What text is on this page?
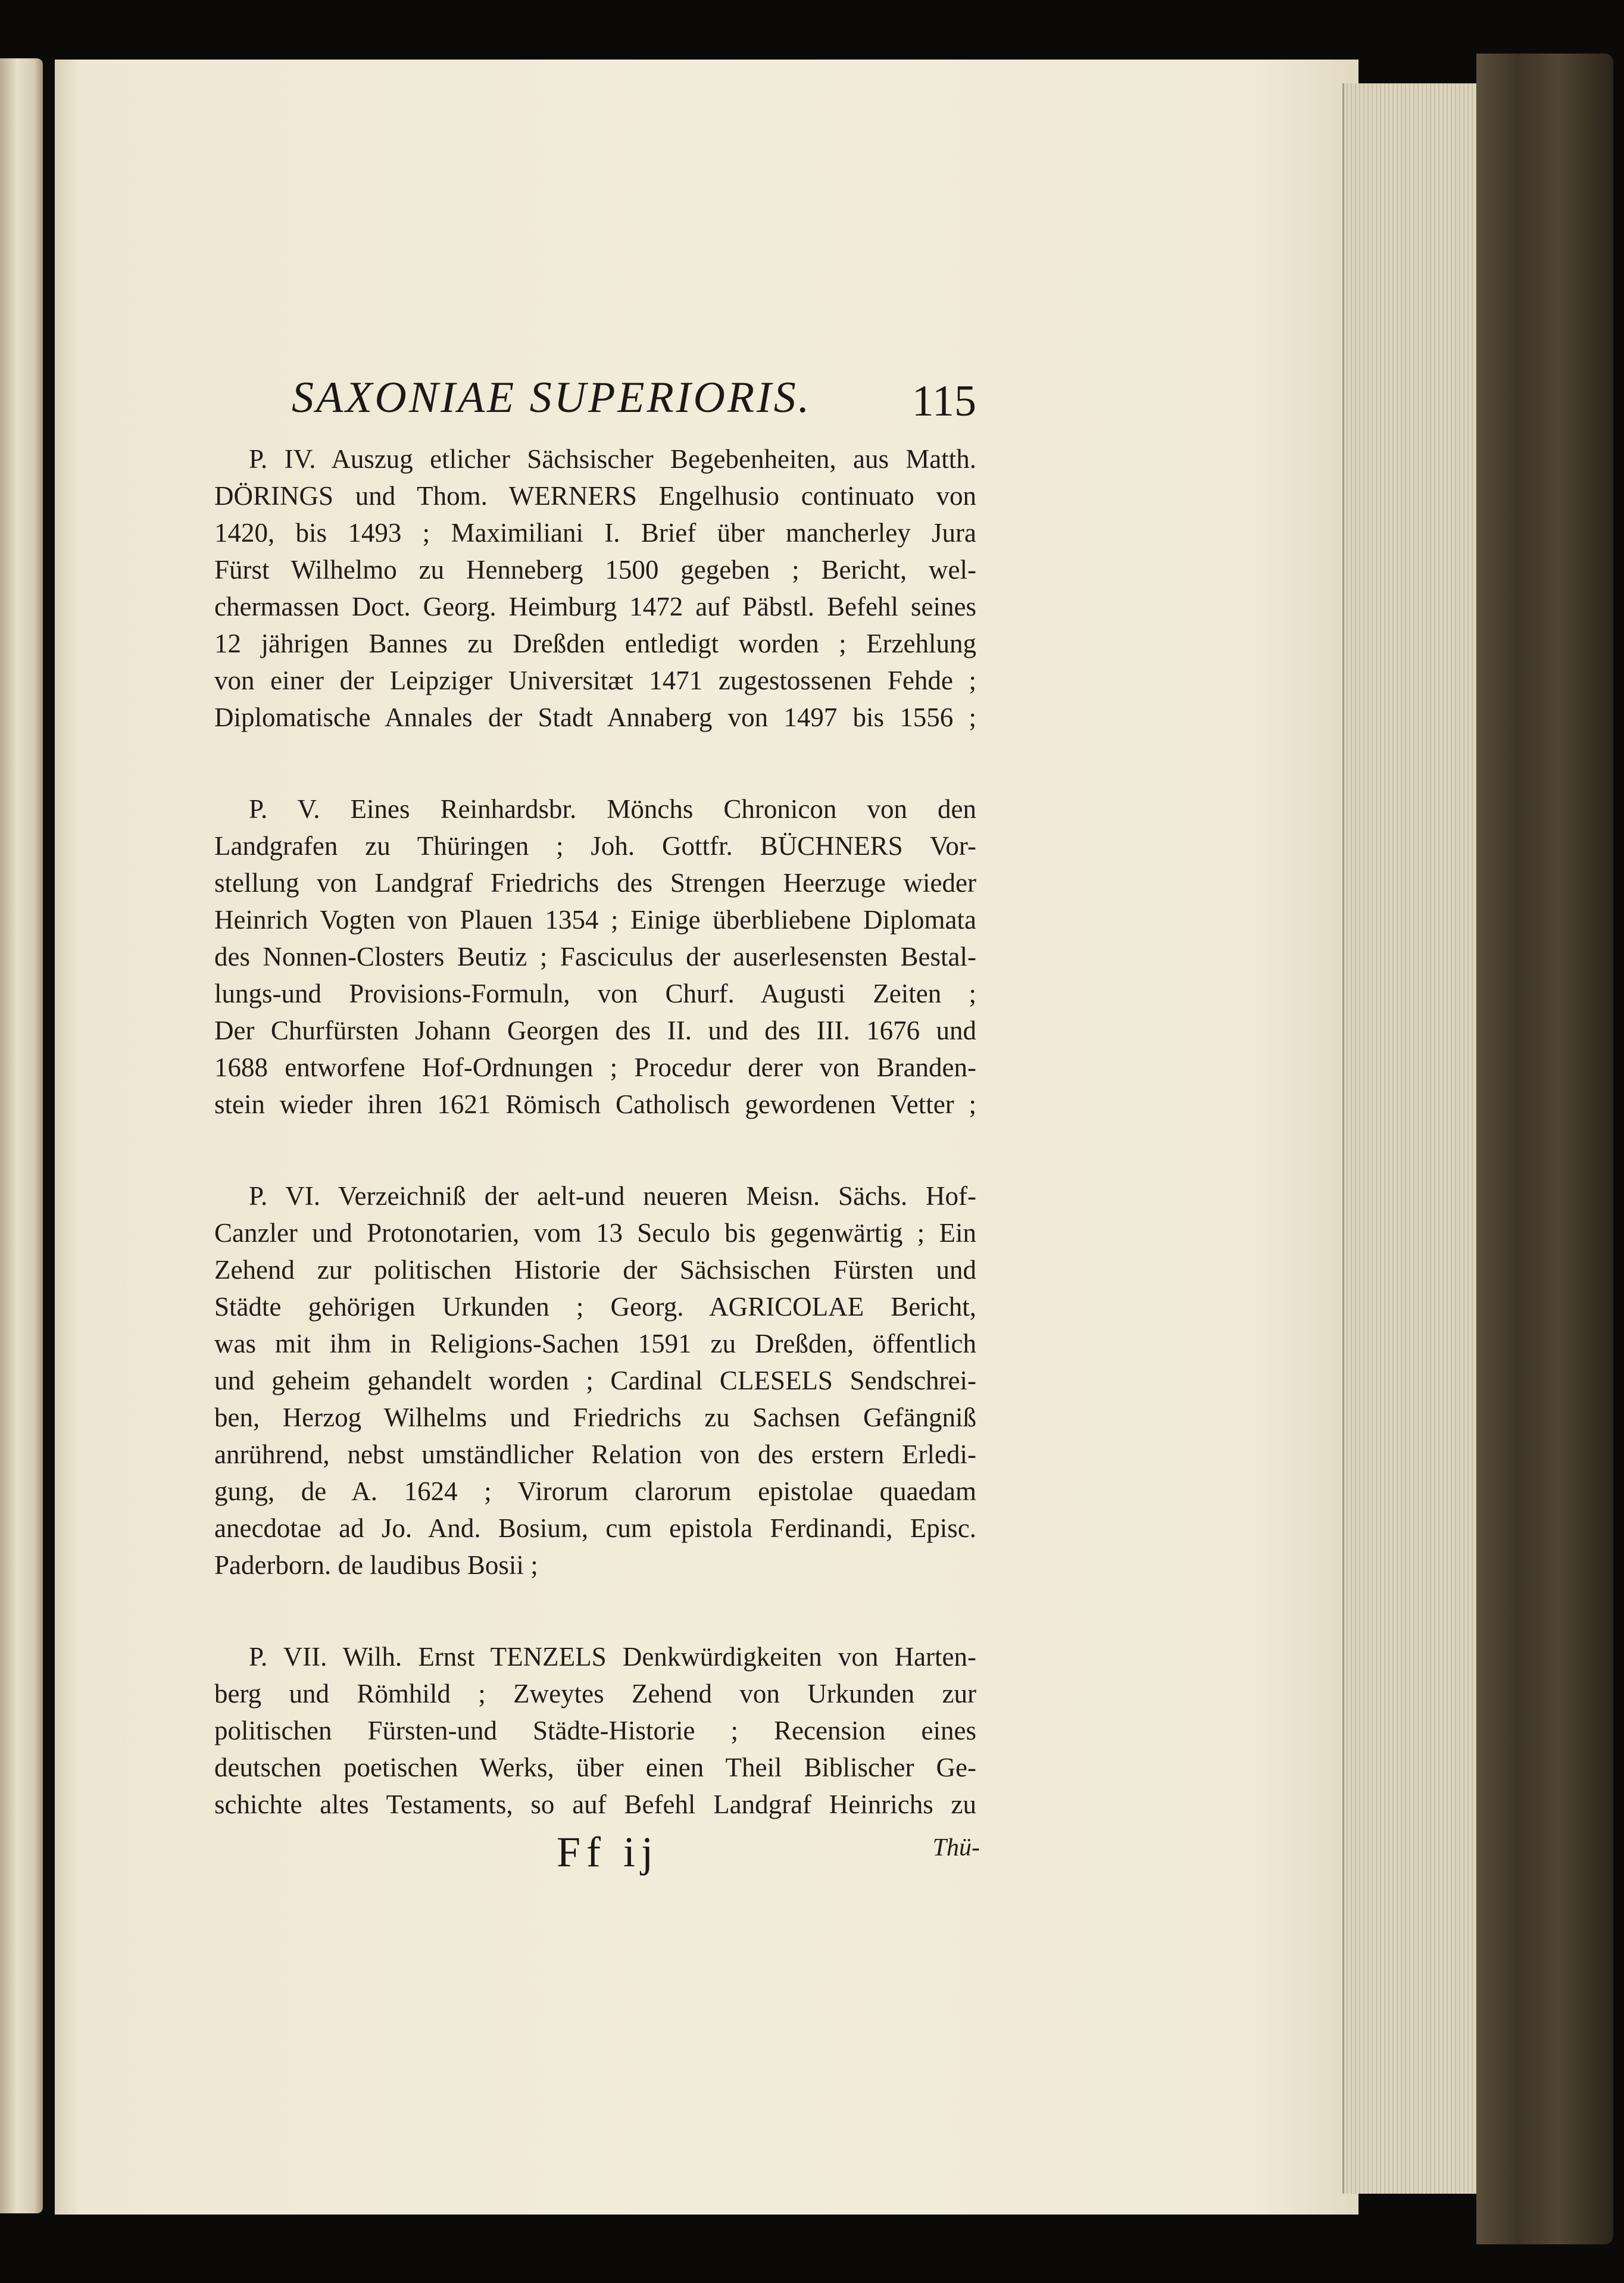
SAXONIAE SUPERIORIS. 115
P. IV. Auszug etlicher Sächsischer Begebenheiten, aus Matth.
DÖRINGS und Thom. WERNERS Engelhusio continuato von
1420, bis 1493 ; Maximiliani I. Brief über mancherley Jura
Fürst Wilhelmo zu Henneberg 1500 gegeben ; Bericht, wel-
chermassen Doct. Georg. Heimburg 1472 auf Päbstl. Befehl seines
12 jährigen Bannes zu Dreßden entledigt worden ; Erzehlung
von einer der Leipziger Universitæt 1471 zugestossenen Fehde ;
Diplomatische Annales der Stadt Annaberg von 1497 bis 1556 ;
P. V. Eines Reinhardsbr. Mönchs Chronicon von den
Landgrafen zu Thüringen ; Joh. Gottfr. BÜCHNERS Vor-
stellung von Landgraf Friedrichs des Strengen Heerzuge wieder
Heinrich Vogten von Plauen 1354 ; Einige überbliebene Diplomata
des Nonnen-Closters Beutiz ; Fasciculus der auserlesensten Bestal-
lungs-und Provisions-Formuln, von Churf. Augusti Zeiten ;
Der Churfürsten Johann Georgen des II. und des III. 1676 und
1688 entworfene Hof-Ordnungen ; Procedur derer von Branden-
stein wieder ihren 1621 Römisch Catholisch gewordenen Vetter ;
P. VI. Verzeichniß der aelt-und neueren Meisn. Sächs. Hof-
Canzler und Protonotarien, vom 13 Seculo bis gegenwärtig ; Ein
Zehend zur politischen Historie der Sächsischen Fürsten und
Städte gehörigen Urkunden ; Georg. AGRICOLAE Bericht,
was mit ihm in Religions-Sachen 1591 zu Dreßden, öffentlich
und geheim gehandelt worden ; Cardinal CLESELS Sendschrei-
ben, Herzog Wilhelms und Friedrichs zu Sachsen Gefängniß
anrührend, nebst umständlicher Relation von des erstern Erledi-
gung, de A. 1624 ; Virorum clarorum epistolae quaedam
anecdotae ad Jo. And. Bosium, cum epistola Ferdinandi, Episc.
Paderborn. de laudibus Bosii ;
P. VII. Wilh. Ernst TENZELS Denkwürdigkeiten von Harten-
berg und Römhild ; Zweytes Zehend von Urkunden zur
politischen Fürsten-und Städte-Historie ; Recension eines
deutschen poetischen Werks, über einen Theil Biblischer Ge-
schichte altes Testaments, so auf Befehl Landgraf Heinrichs zu
Ff ij	Thü-
